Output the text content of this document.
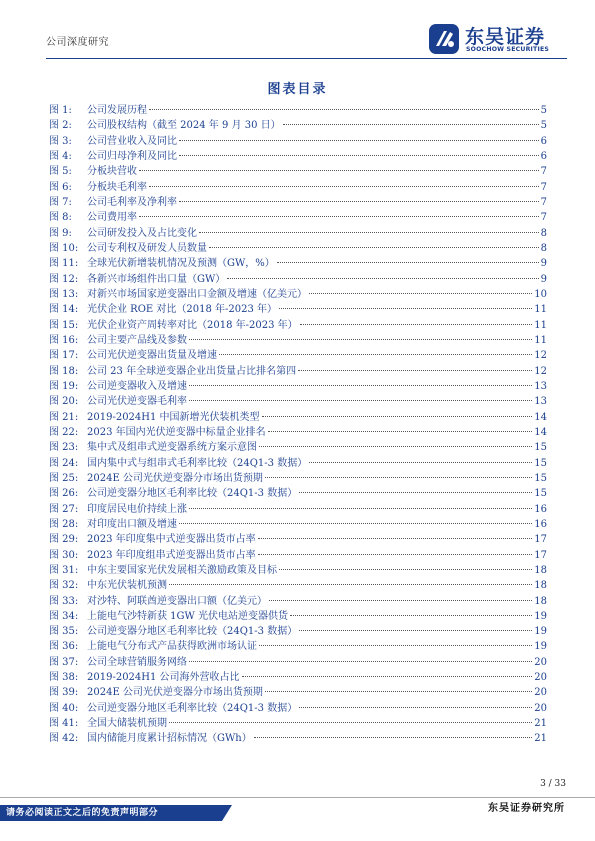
公司深度研究	东吴证券
SOOCHOW SECURITIES
图表目录
图 1:	公司发展历程	5
图 2:	公司股权结构（截至 2024 年 9 月 30 日）	5
图 3:	公司营业收入及同比	6
图 4:	公司归母净利及同比	6
图 5:	分板块营收	7
图 6:	分板块毛利率	7
图 7:	公司毛利率及净利率	7
图 8:	公司费用率	7
图 9:	公司研发投入及占比变化	8
图 10: 公司专利权及研发人员数量	8
图 11: 全球光伏新增装机情况及预测（GW，%）	9
图 12: 各新兴市场组件出口量（GW）	9
图 13: 对新兴市场国家逆变器出口金额及增速（亿美元）	10
图 14: 光伏企业 ROE 对比（2018 年-2023 年）	11
图 15: 光伏企业资产周转率对比（2018 年-2023 年）	11
图 16: 公司主要产品线及参数	11
图 17: 公司光伏逆变器出货量及增速	12
图 18: 公司 23 年全球逆变器企业出货量占比排名第四	12
图 19: 公司逆变器收入及增速	13
图 20: 公司光伏逆变器毛利率	13
图 21: 2019-2024H1 中国新增光伏装机类型	14
图 22: 2023 年国内光伏逆变器中标量企业排名	14
图 23: 集中式及组串式逆变器系统方案示意图	15
图 24: 国内集中式与组串式毛利率比较（24Q1-3 数据）	15
图 25: 2024E 公司光伏逆变器分市场出货预期	15
图 26: 公司逆变器分地区毛利率比较（24Q1-3 数据）	15
图 27: 印度居民电价持续上涨	16
图 28: 对印度出口额及增速	16
图 29: 2023 年印度集中式逆变器出货市占率	17
图 30: 2023 年印度组串式逆变器出货市占率	17
图 31: 中东主要国家光伏发展相关激励政策及目标	18
图 32: 中东光伏装机预测	18
图 33: 对沙特、阿联酋逆变器出口额（亿美元）	18
图 34: 上能电气沙特新获 1GW 光伏电站逆变器供货	19
图 35: 公司逆变器分地区毛利率比较（24Q1-3 数据）	19
图 36: 上能电气分布式产品获得欧洲市场认证	19
图 37: 公司全球营销服务网络	20
图 38: 2019-2024H1 公司海外营收占比	20
图 39: 2024E 公司光伏逆变器分市场出货预期	20
图 40: 公司逆变器分地区毛利率比较（24Q1-3 数据）	20
图 41: 全国大储装机预期	21
图 42: 国内储能月度累计招标情况（GWh）	21
3 / 33
请务必阅读正文之后的免责声明部分	东吴证券研究所
